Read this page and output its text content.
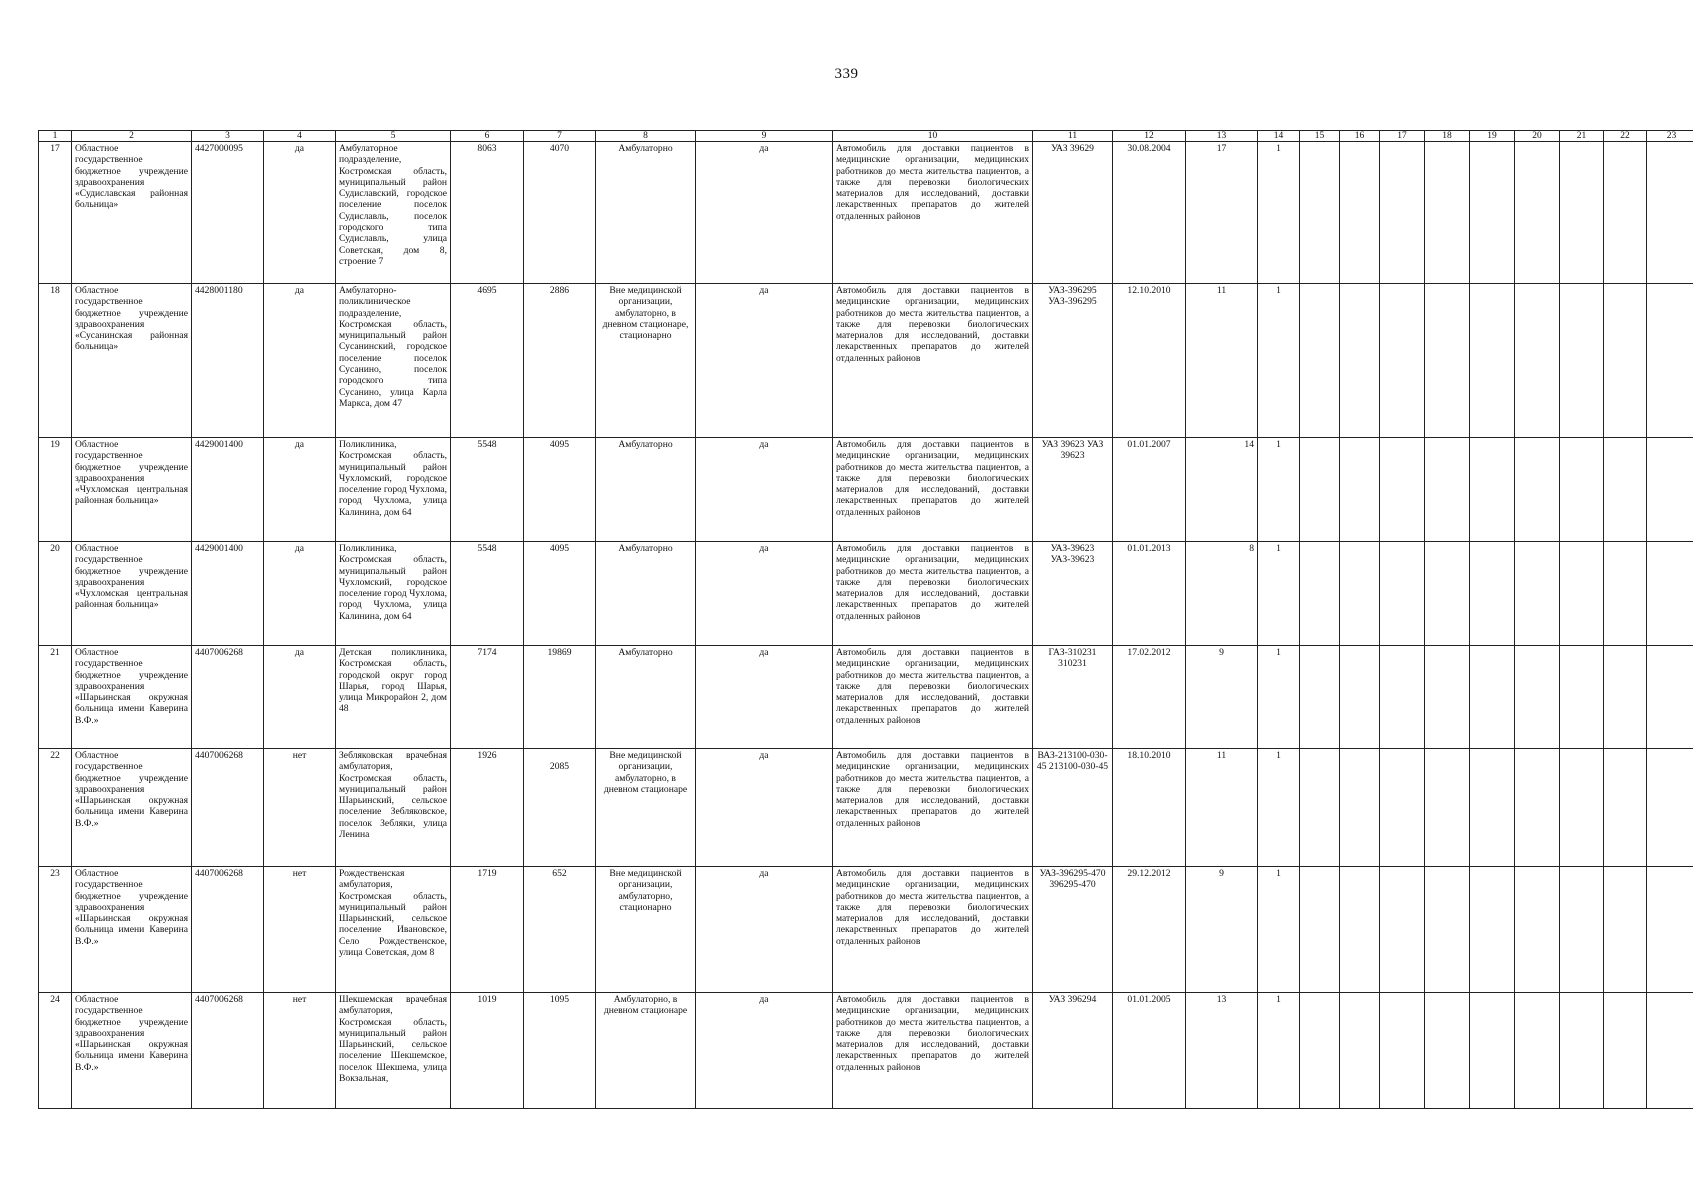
339
1	2	3	4	5	6	7	8	9	10	11	12	13	14	15	16	17	18	19	20	21	22	23
17	Областное государственное бюджетное учреждение здравоохранения «Судиславская районная больница»	4427000095	да	Амбулаторное подразделение, Костромская область, муниципальный район Судиславский, городское поселение поселок Судиславль, поселок городского типа Судиславль, улица Советская, дом 8, строение 7	8063	4070	Амбулаторно	да	Автомобиль для доставки пациентов в медицинские организации, медицинских работников до места жительства пациентов, а также для перевозки биологических материалов для исследований, доставки лекарственных препаратов до жителей отдаленных районов	УАЗ 39629	30.08.2004	17	1									
18	Областное государственное бюджетное учреждение здравоохранения «Сусанинская районная больница»	4428001180	да	Амбулаторно-поликлиническое подразделение, Костромская область, муниципальный район Сусанинский, городское поселение поселок Сусанино, поселок городского типа Сусанино, улица Карла Маркса, дом 47	4695	2886	Вне медицинской организации, амбулаторно, в дневном стационаре, стационарно	да	Автомобиль для доставки пациентов в медицинские организации, медицинских работников до места жительства пациентов, а также для перевозки биологических материалов для исследований, доставки лекарственных препаратов до жителей отдаленных районов	УАЗ-396295 УАЗ-396295	12.10.2010	11	1									
19	Областное государственное бюджетное учреждение здравоохранения «Чухломская центральная районная больница»	4429001400	да	Поликлиника, Костромская область, муниципальный район Чухломский, городское поселение город Чухлома, город Чухлома, улица Калинина, дом 64	5548	4095	Амбулаторно	да	Автомобиль для доставки пациентов в медицинские организации, медицинских работников до места жительства пациентов, а также для перевозки биологических материалов для исследований, доставки лекарственных препаратов до жителей отдаленных районов	УАЗ 39623 УАЗ 39623	01.01.2007	14	1									
20	Областное государственное бюджетное учреждение здравоохранения «Чухломская центральная районная больница»	4429001400	да	Поликлиника, Костромская область, муниципальный район Чухломский, городское поселение город Чухлома, город Чухлома, улица Калинина, дом 64	5548	4095	Амбулаторно	да	Автомобиль для доставки пациентов в медицинские организации, медицинских работников до места жительства пациентов, а также для перевозки биологических материалов для исследований, доставки лекарственных препаратов до жителей отдаленных районов	УАЗ-39623 УАЗ-39623	01.01.2013	8	1									
21	Областное государственное бюджетное учреждение здравоохранения «Шарьинская окружная больница имени Каверина В.Ф.»	4407006268	да	Детская поликлиника, Костромская область, городской округ город Шарья, город Шарья, улица Микрорайон 2, дом 48	7174	19869	Амбулаторно	да	Автомобиль для доставки пациентов в медицинские организации, медицинских работников до места жительства пациентов, а также для перевозки биологических материалов для исследований, доставки лекарственных препаратов до жителей отдаленных районов	ГАЗ-310231 310231	17.02.2012	9	1									
22	Областное государственное бюджетное учреждение здравоохранения «Шарьинская окружная больница имени Каверина В.Ф.»	4407006268	нет	Зебляковская врачебная амбулатория, Костромская область, муниципальный район Шарьинский, сельское поселение Зебляковское, поселок Зебляки, улица Ленина	1926	2085	Вне медицинской организации, амбулаторно, в дневном стационаре	да	Автомобиль для доставки пациентов в медицинские организации, медицинских работников до места жительства пациентов, а также для перевозки биологических материалов для исследований, доставки лекарственных препаратов до жителей отдаленных районов	ВАЗ-213100-030-45 213100-030-45	18.10.2010	11	1									
23	Областное государственное бюджетное учреждение здравоохранения «Шарьинская окружная больница имени Каверина В.Ф.»	4407006268	нет	Рождественская амбулатория, Костромская область, муниципальный район Шарьинский, сельское поселение Ивановское, Село Рождественское, улица Советская, дом 8	1719	652	Вне медицинской организации, амбулаторно, стационарно	да	Автомобиль для доставки пациентов в медицинские организации, медицинских работников до места жительства пациентов, а также для перевозки биологических материалов для исследований, доставки лекарственных препаратов до жителей отдаленных районов	УАЗ-396295-470 396295-470	29.12.2012	9	1									
24	Областное государственное бюджетное учреждение здравоохранения «Шарьинская окружная больница имени Каверина В.Ф.»	4407006268	нет	Шекшемская врачебная амбулатория, Костромская область, муниципальный район Шарьинский, сельское поселение Шекшемское, поселок Шекшема, улица Вокзальная,	1019	1095	Амбулаторно, в дневном стационаре	да	Автомобиль для доставки пациентов в медицинские организации, медицинских работников до места жительства пациентов, а также для перевозки биологических материалов для исследований, доставки лекарственных препаратов до жителей отдаленных районов	УАЗ 396294	01.01.2005	13	1									
